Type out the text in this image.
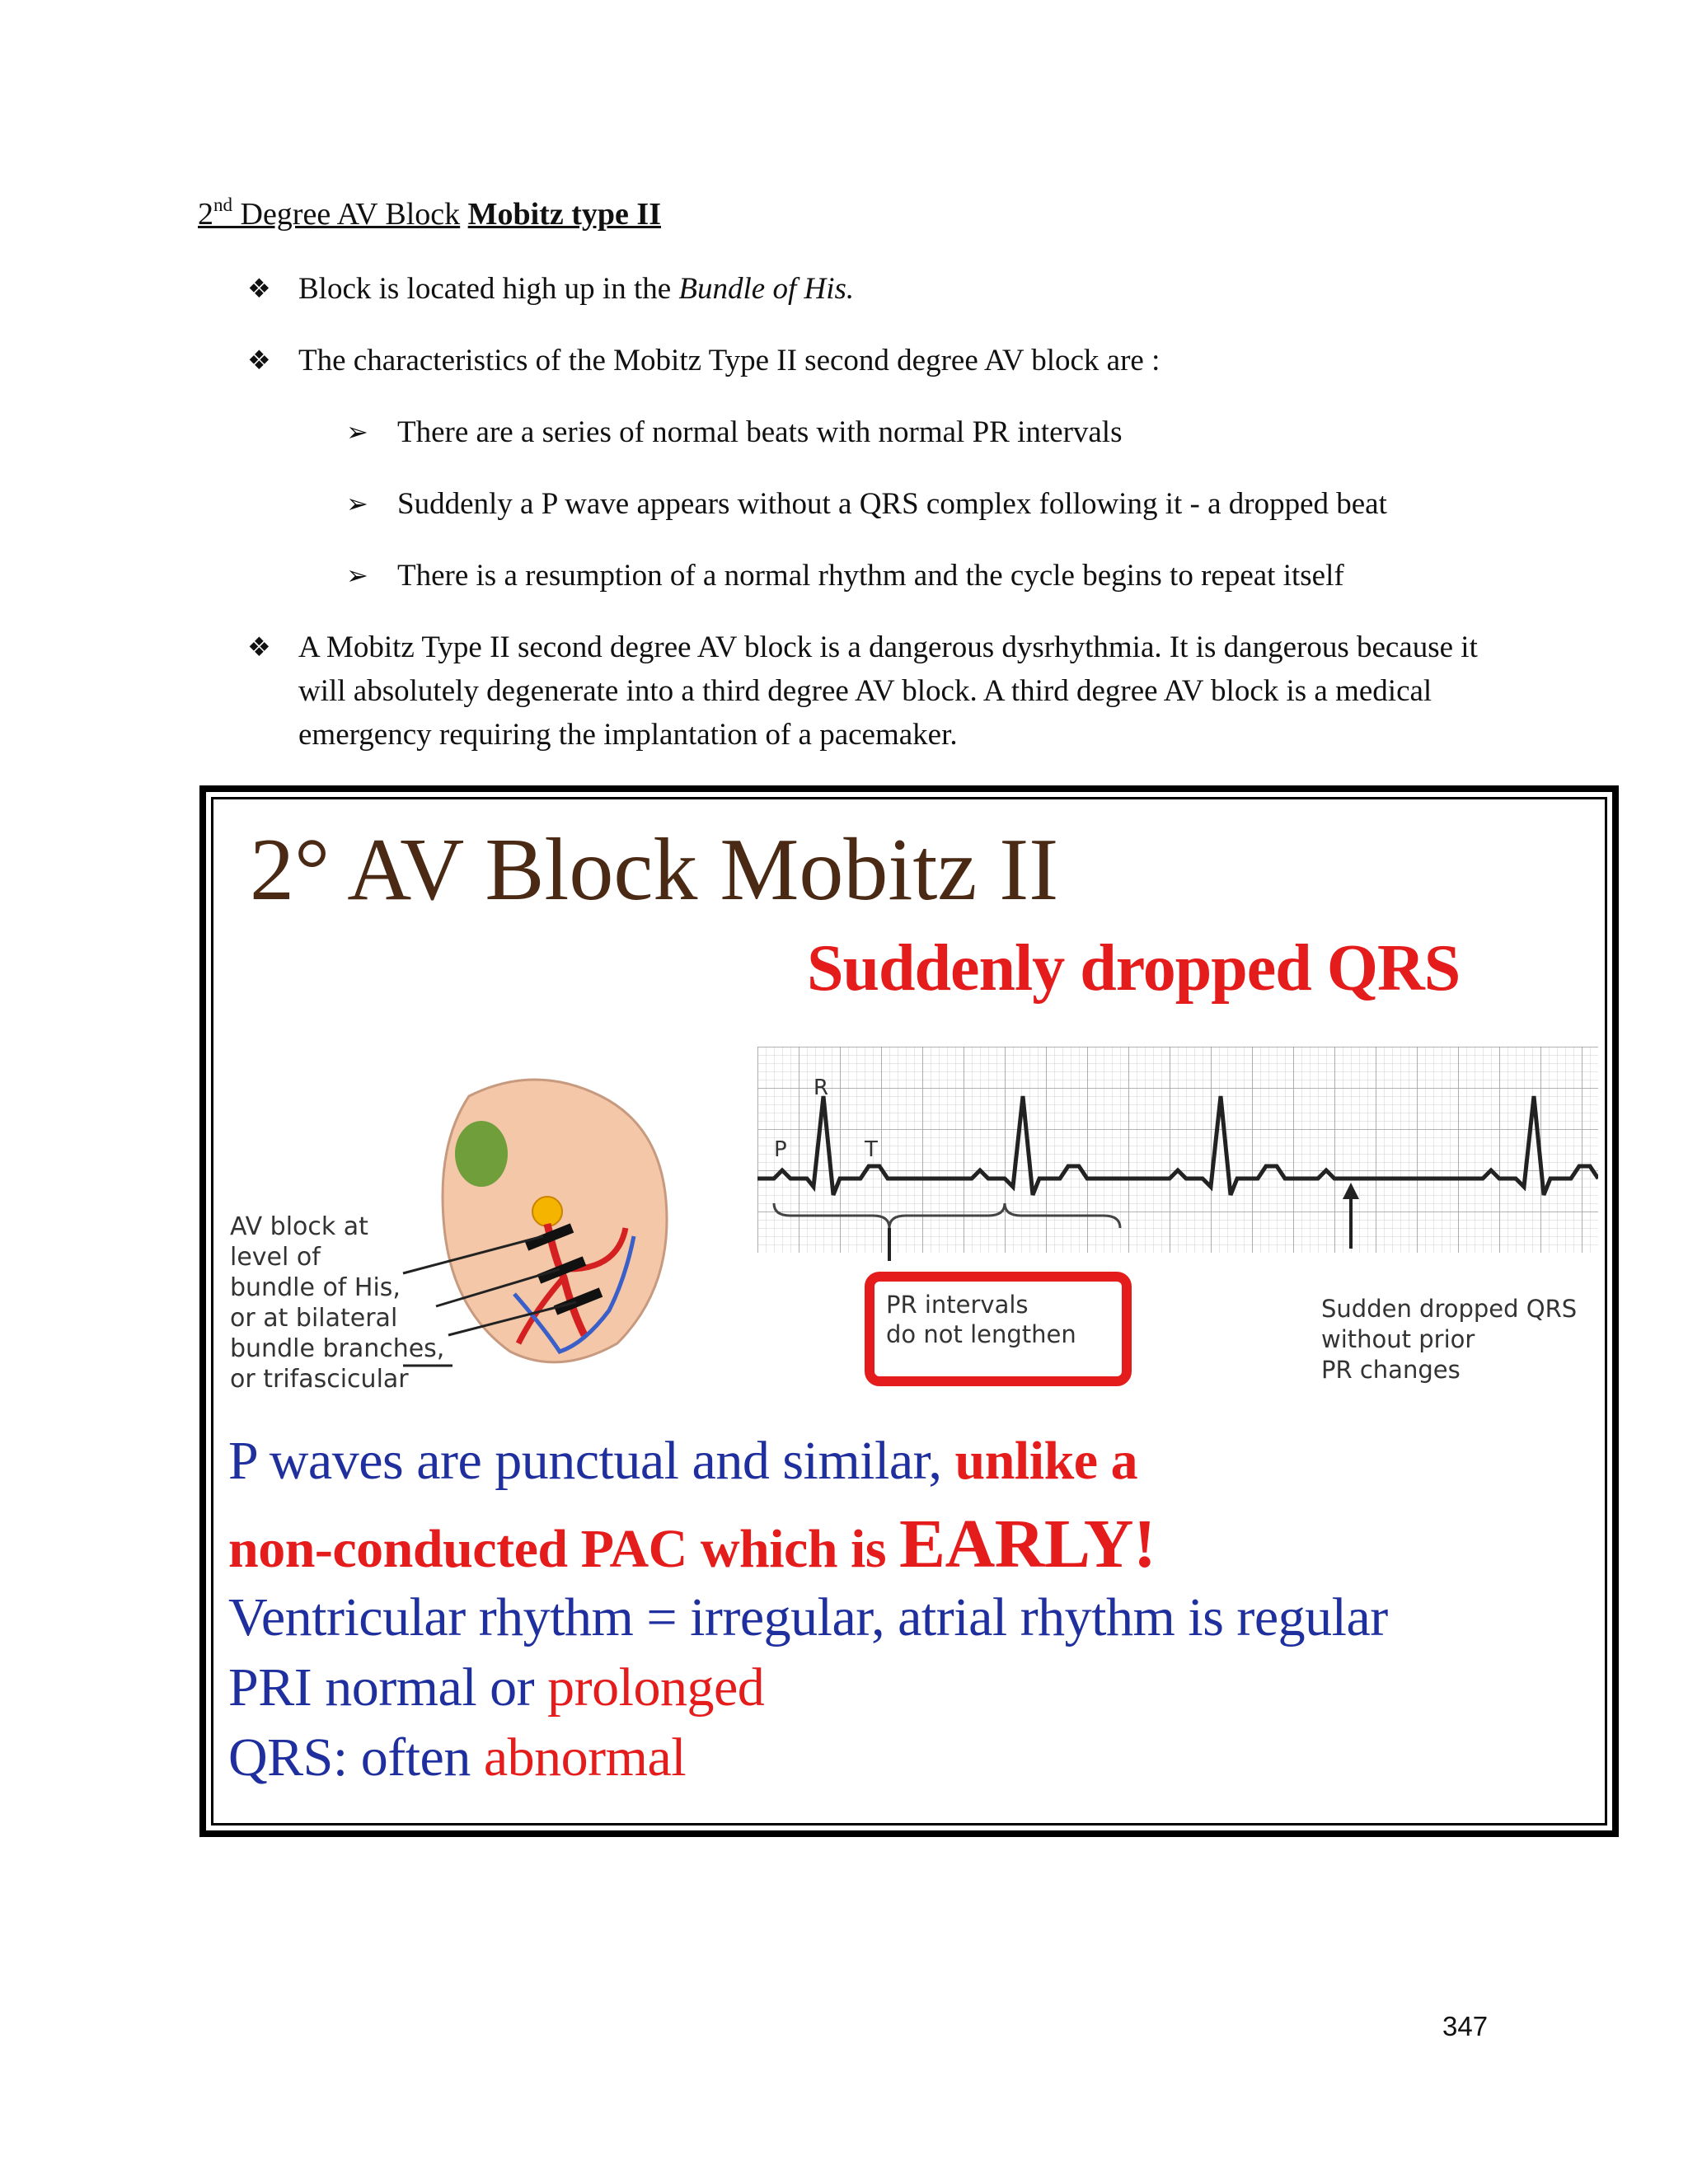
2nd Degree AV Block Mobitz type II
❖ Block is located high up in the Bundle of His.
❖ The characteristics of the Mobitz Type II second degree AV block are :
➢ There are a series of normal beats with normal PR intervals
➢ Suddenly a P wave appears without a QRS complex following it - a dropped beat
➢ There is a resumption of a normal rhythm and the cycle begins to repeat itself
❖ A Mobitz Type II second degree AV block is a dangerous dysrhythmia. It is dangerous because it will absolutely degenerate into a third degree AV block. A third degree AV block is a medical emergency requiring the implantation of a pacemaker.
2° AV Block Mobitz II
Suddenly dropped QRS
R
P	T
AV block at
level of
bundle of His,
or at bilateral
bundle branches,
or trifascicular
PR intervals
do not lengthen
Sudden dropped QRS
without prior
PR changes
P waves are punctual and similar, unlike a
non-conducted PAC which is EARLY!
Ventricular rhythm = irregular, atrial rhythm is regular
PRI normal or prolonged
QRS: often abnormal
347
